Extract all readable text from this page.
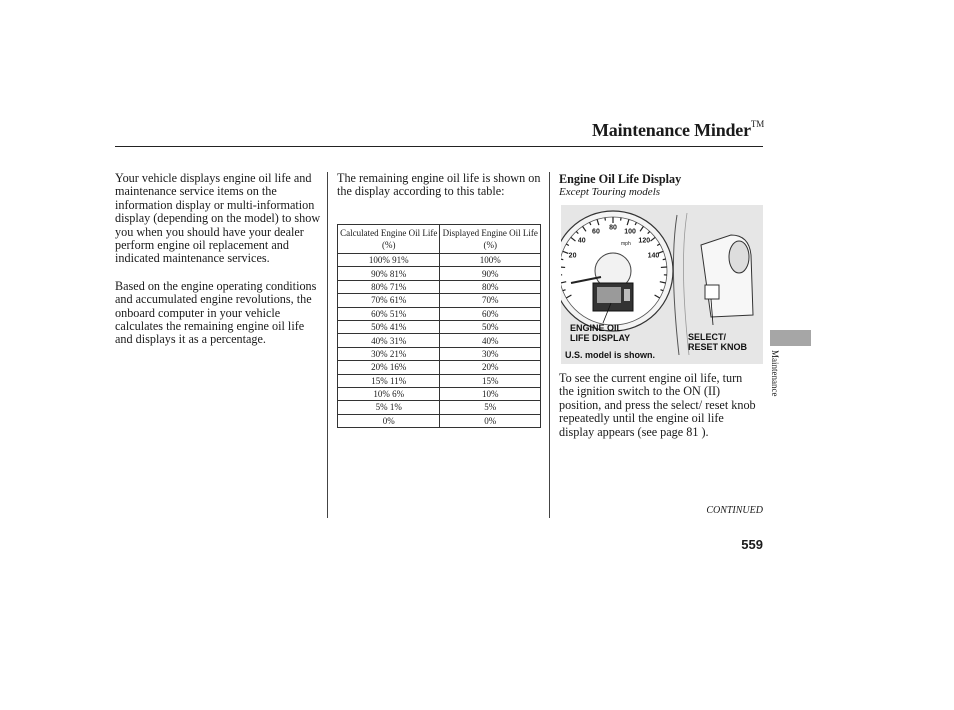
Maintenance Minder™

Your vehicle displays engine oil life and maintenance service items on the information display or multi-information display (depending on the model) to show you when you should have your dealer perform engine oil replacement and indicated maintenance services.

Based on the engine operating conditions and accumulated engine revolutions, the onboard computer in your vehicle calculates the remaining engine oil life and displays it as a percentage.

The remaining engine oil life is shown on the display according to this table:

Calculated Engine Oil Life (%)	Displayed Engine Oil Life (%)
100% 91%	100%
90% 81%	90%
80% 71%	80%
70% 61%	70%
60% 51%	60%
50% 41%	50%
40% 31%	40%
30% 21%	30%
20% 16%	20%
15% 11%	15%
10% 6%	10%
5% 1%	5%
0%	0%
Engine Oil Life Display
Except Touring models
20
40
60
80
100
120
140
mph
ENGINE OIL
LIFE DISPLAY	SELECT/
RESET KNOB
U.S. model is shown.

To see the current engine oil life, turn the ignition switch to the ON (II) position, and press the select/ reset knob repeatedly until the engine oil life display appears (see page 81 ).

Maintenance
CONTINUED
559
